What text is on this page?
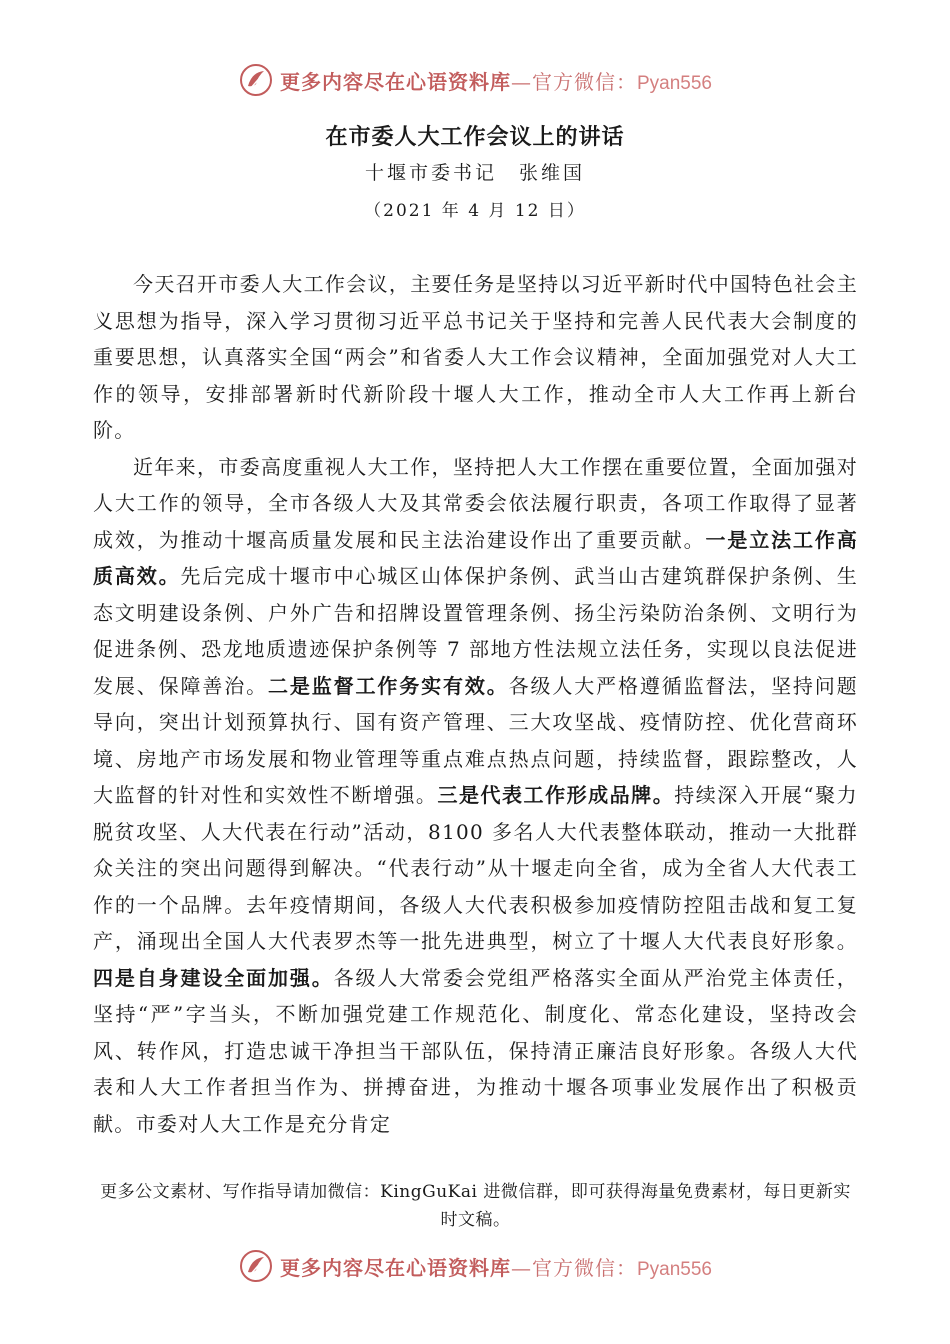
更多内容尽在心语资料库—官方微信：Pyan556
在市委人大工作会议上的讲话
十堰市委书记　张维国
（2021 年 4 月 12 日）

今天召开市委人大工作会议，主要任务是坚持以习近平新时代中国特色社会主义思想为指导，深入学习贯彻习近平总书记关于坚持和完善人民代表大会制度的重要思想，认真落实全国“两会”和省委人大工作会议精神，全面加强党对人大工作的领导，安排部署新时代新阶段十堰人大工作，推动全市人大工作再上新台阶。

近年来，市委高度重视人大工作，坚持把人大工作摆在重要位置，全面加强对人大工作的领导，全市各级人大及其常委会依法履行职责，各项工作取得了显著成效，为推动十堰高质量发展和民主法治建设作出了重要贡献。一是立法工作高质高效。先后完成十堰市中心城区山体保护条例、武当山古建筑群保护条例、生态文明建设条例、户外广告和招牌设置管理条例、扬尘污染防治条例、文明行为促进条例、恐龙地质遗迹保护条例等 7 部地方性法规立法任务，实现以良法促进发展、保障善治。二是监督工作务实有效。各级人大严格遵循监督法，坚持问题导向，突出计划预算执行、国有资产管理、三大攻坚战、疫情防控、优化营商环境、房地产市场发展和物业管理等重点难点热点问题，持续监督，跟踪整改，人大监督的针对性和实效性不断增强。三是代表工作形成品牌。持续深入开展“聚力脱贫攻坚、人大代表在行动”活动，8100 多名人大代表整体联动，推动一大批群众关注的突出问题得到解决。“代表行动”从十堰走向全省，成为全省人大代表工作的一个品牌。去年疫情期间，各级人大代表积极参加疫情防控阻击战和复工复产，涌现出全国人大代表罗杰等一批先进典型，树立了十堰人大代表良好形象。四是自身建设全面加强。各级人大常委会党组严格落实全面从严治党主体责任，坚持“严”字当头，不断加强党建工作规范化、制度化、常态化建设，坚持改会风、转作风，打造忠诚干净担当干部队伍，保持清正廉洁良好形象。各级人大代表和人大工作者担当作为、拼搏奋进，为推动十堰各项事业发展作出了积极贡献。市委对人大工作是充分肯定

更多公文素材、写作指导请加微信：KingGuKai 进微信群，即可获得海量免费素材，每日更新实时文稿。
更多内容尽在心语资料库—官方微信：Pyan556
